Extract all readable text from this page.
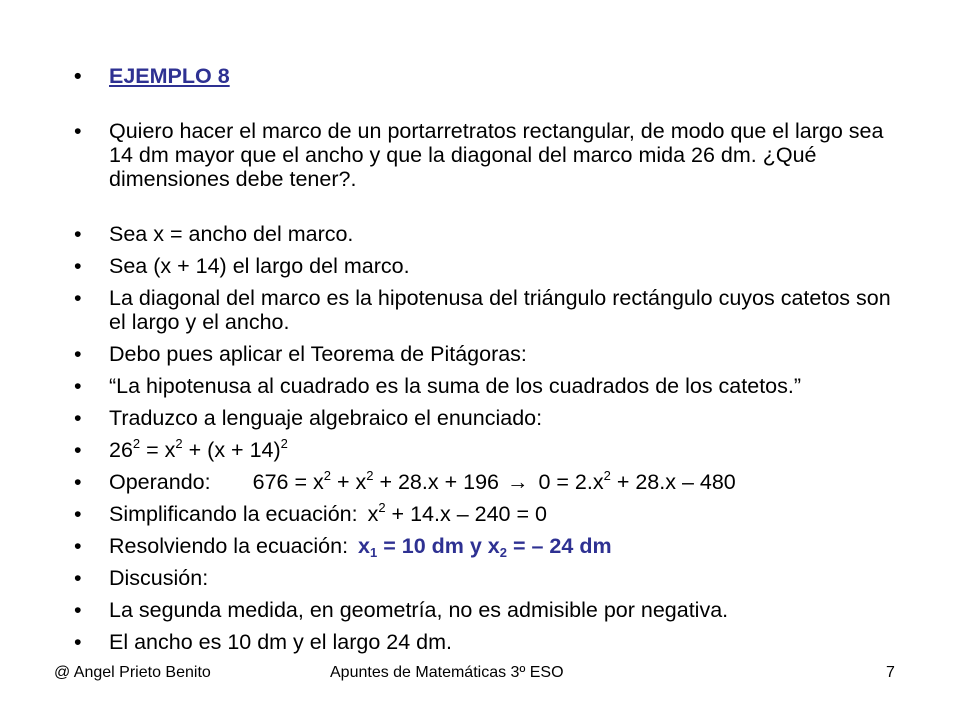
• EJEMPLO 8
• Quiero hacer el marco de un portarretratos rectangular, de modo que el largo sea 14 dm mayor que el ancho y que la diagonal del marco mida 26 dm. ¿Qué dimensiones debe tener?.
• Sea x = ancho del marco.
• Sea (x + 14) el largo del marco.
• La diagonal del marco es la hipotenusa del triángulo rectángulo cuyos catetos son el largo y el ancho.
• Debo pues aplicar el Teorema de Pitágoras:
• “La hipotenusa al cuadrado es la suma de los cuadrados de los catetos.”
• Traduzco a lenguaje algebraico el enunciado:
• $26^2 = x^2 + (x + 14)^2$
• Operando: $676 = x^2 + x^2 + 28.x + 196 \to 0 = 2.x^2 + 28.x - 480$
• Simplificando la ecuación: $x^2 + 14.x - 240 = 0$
• Resolviendo la ecuación: $x_1 = 10$ dm y $x_2$ = – 24 dm
• Discusión:
• La segunda medida, en geometría, no es admisible por negativa.
• El ancho es 10 dm y el largo 24 dm.
@ Angel Prieto Benito	Apuntes de Matemáticas 3º ESO	7
